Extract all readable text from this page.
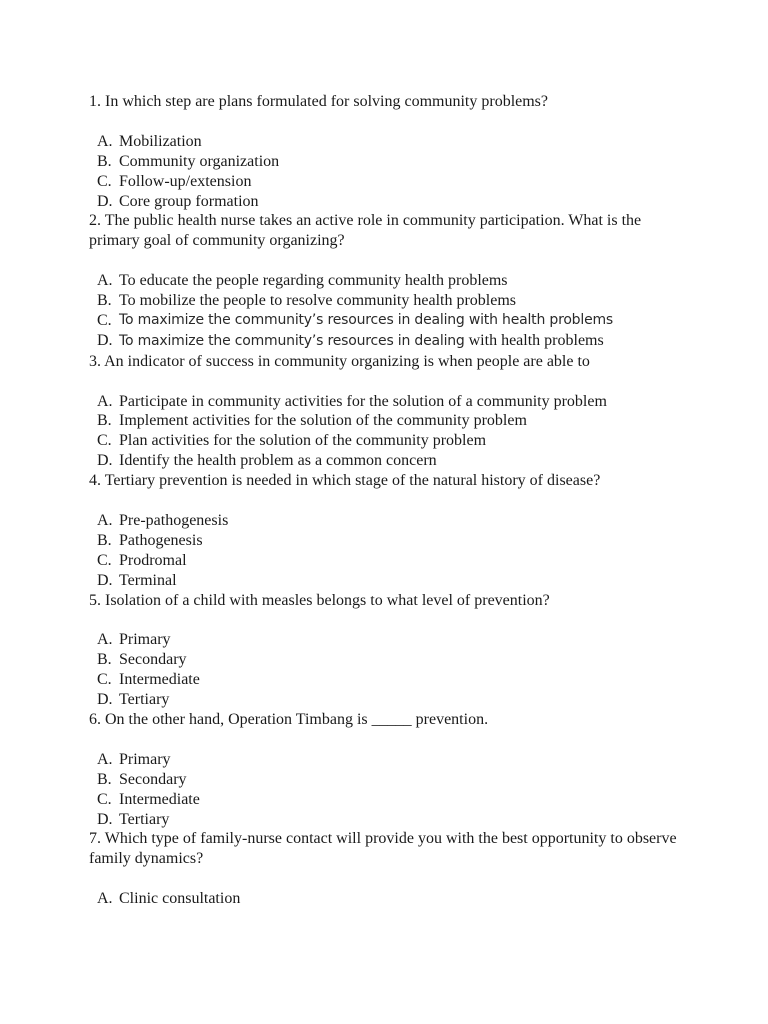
1. In which step are plans formulated for solving community problems?

A. Mobilization
B. Community organization
C. Follow-up/extension
D. Core group formation

2. The public health nurse takes an active role in community participation. What is the primary goal of community organizing?

A. To educate the people regarding community health problems
B. To mobilize the people to resolve community health problems
C. To maximize the community’s resources in dealing with health problems
D. To maximize the community’s resources in dealing with health problems

3. An indicator of success in community organizing is when people are able to

A. Participate in community activities for the solution of a community problem
B. Implement activities for the solution of the community problem
C. Plan activities for the solution of the community problem
D. Identify the health problem as a common concern

4. Tertiary prevention is needed in which stage of the natural history of disease?

A. Pre-pathogenesis
B. Pathogenesis
C. Prodromal
D. Terminal

5. Isolation of a child with measles belongs to what level of prevention?

A. Primary
B. Secondary
C. Intermediate
D. Tertiary

6. On the other hand, Operation Timbang is _____ prevention.

A. Primary
B. Secondary
C. Intermediate
D. Tertiary

7. Which type of family-nurse contact will provide you with the best opportunity to observe family dynamics?

A. Clinic consultation
